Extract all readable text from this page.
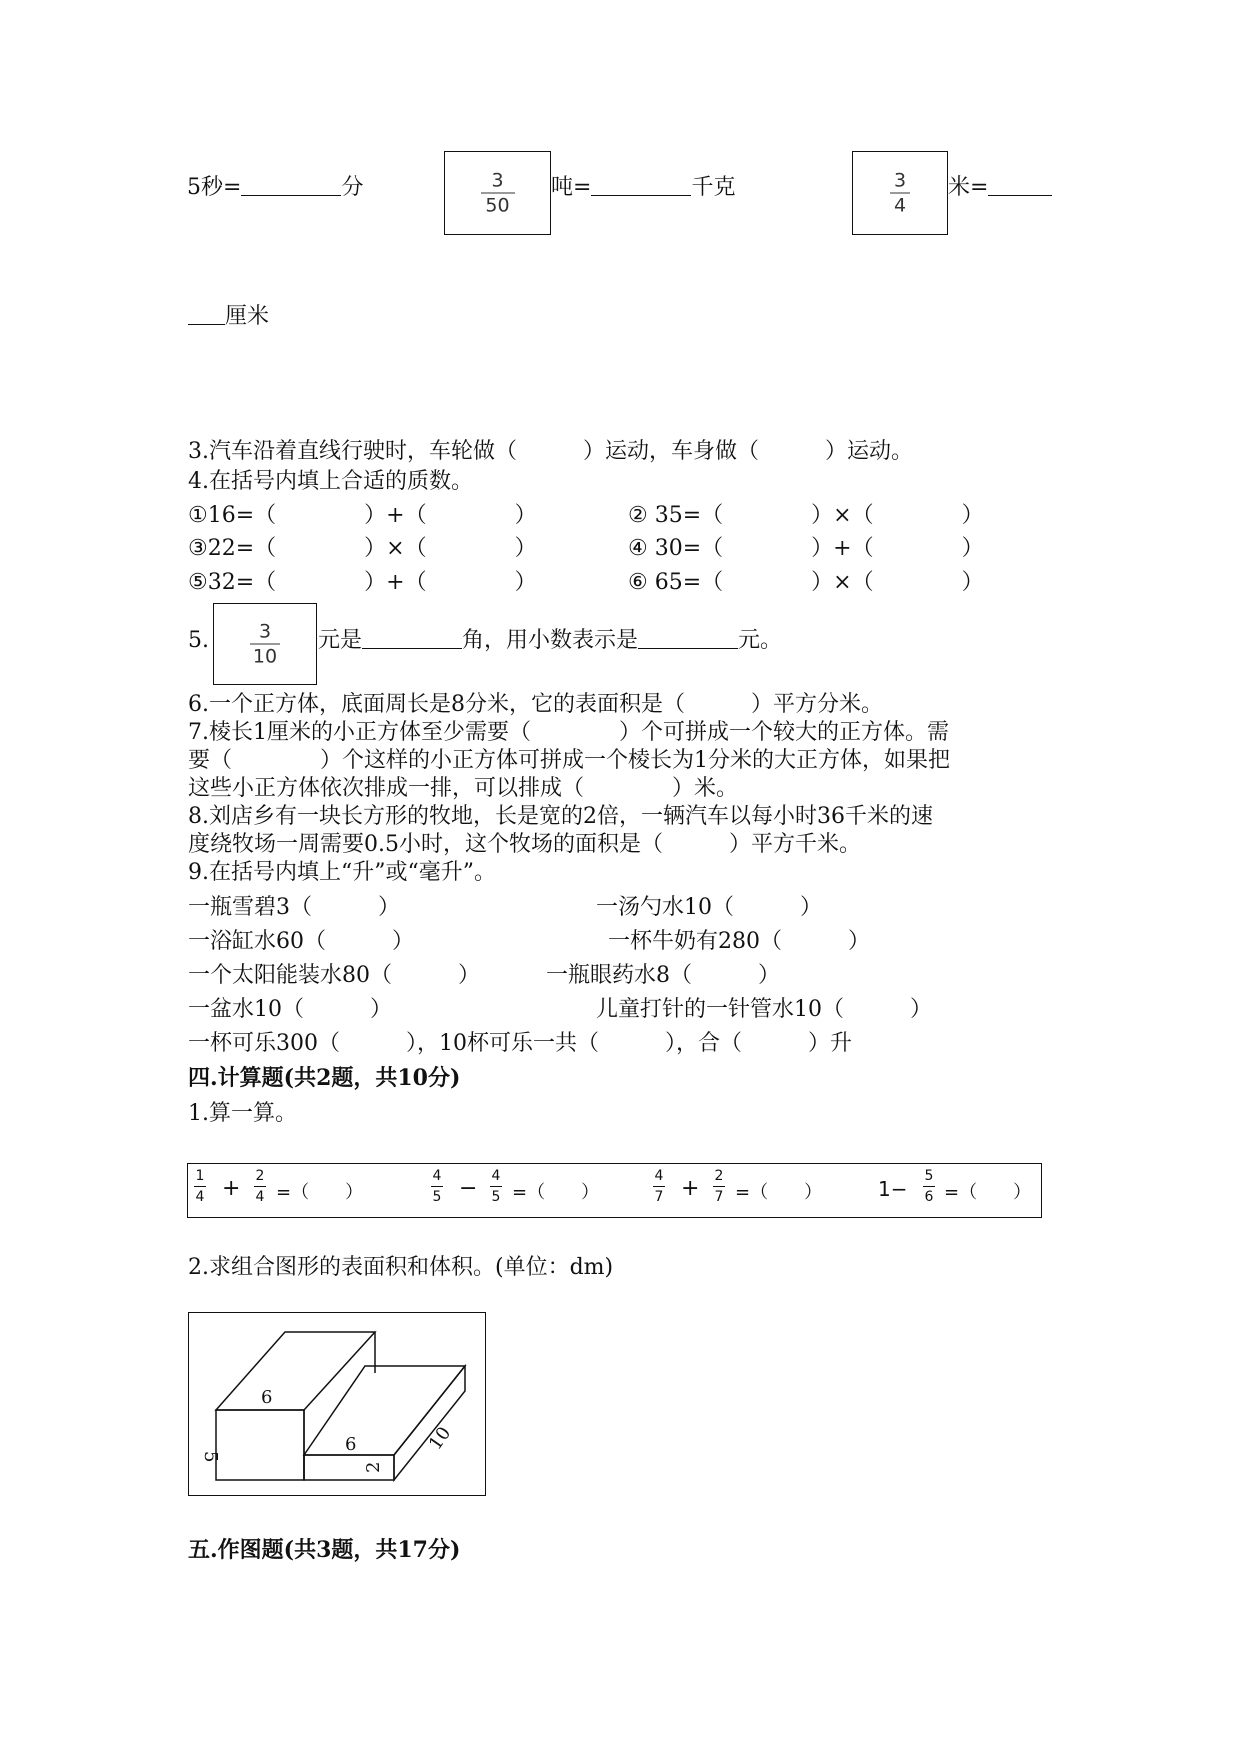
5秒=	分	3
50
吨=	千克	3
4
米=
厘米
3.汽车沿着直线行驶时，车轮做（　　　）运动，车身做（　　　）运动。
4.在括号内填上合适的质数。
①16=（　　　　）+（　　　　）	② 35=（　　　　）×（　　　　）
③22=（　　　　）×（　　　　）	④ 30=（　　　　）+（　　　　）
⑤32=（　　　　）+（　　　　）	⑥ 65=（　　　　）×（　　　　）
5.	3
10
元是	角，用小数表示是	元。
6.一个正方体，底面周长是8分米，它的表面积是（　　　）平方分米。
7.棱长1厘米的小正方体至少需要（　　　　）个可拼成一个较大的正方体。需
要（　　　　）个这样的小正方体可拼成一个棱长为1分米的大正方体，如果把
这些小正方体依次排成一排，可以排成（　　　　）米。
8.刘店乡有一块长方形的牧地，长是宽的2倍，一辆汽车以每小时36千米的速
度绕牧场一周需要0.5小时，这个牧场的面积是（　　　）平方千米。
9.在括号内填上“升”或“毫升”。
一瓶雪碧3（　　　）	一汤勺水10（　　　）
一浴缸水60（　　　）	一杯牛奶有280（　　　）
一个太阳能装水80（　　　）	一瓶眼药水8（　　　）
一盆水10（　　　）	儿童打针的一针管水10（　　　）
一杯可乐300（　　　），10杯可乐一共（　　　），合（　　　）升
四.计算题(共2题，共10分)
1.算一算。
1
4 + 2
4 =（　　）
4
5 − 4
5 =（　　）
4
7 + 2
7 =（　　）	1−
5
6 =（　　）
2.求组合图形的表面积和体积。(单位：dm)
6
5
6
2
10
五.作图题(共3题，共17分)
